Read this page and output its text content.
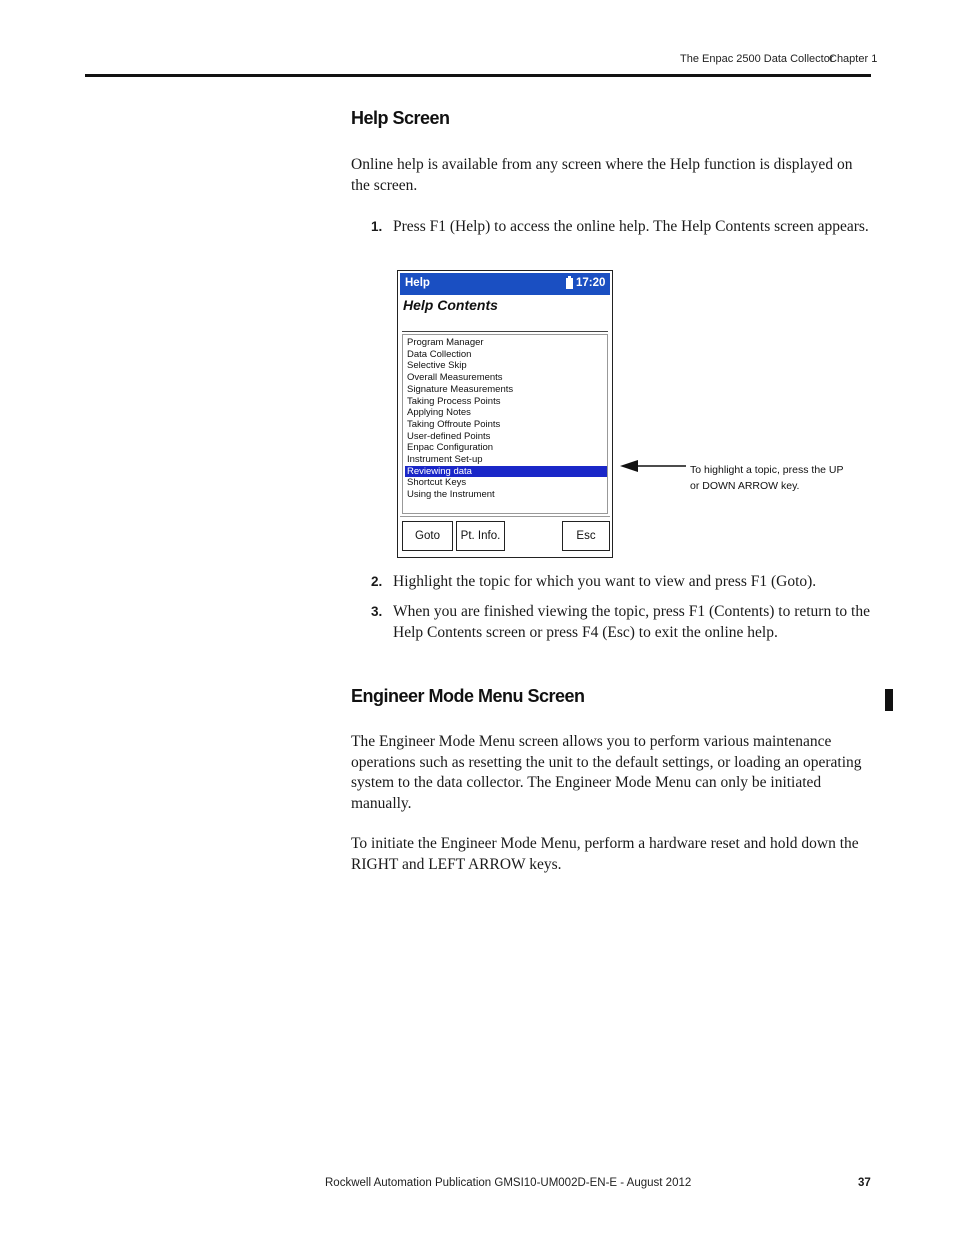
The Enpac 2500 Data Collector
Chapter 1
Help Screen

Online help is available from any screen where the Help function is displayed on the screen.

1. Press F1 (Help) to access the online help. The Help Contents screen appears.
Help	17:20
Help Contents
Program Manager
Data Collection
Selective Skip
Overall Measurements
Signature Measurements
Taking Process Points
Applying Notes
Taking Offroute Points
User-defined Points
Enpac Configuration
Instrument Set-up
Reviewing data
Shortcut Keys
Using the Instrument
Goto	Pt. Info.	Esc
To highlight a topic, press the UP or DOWN ARROW key.
2. Highlight the topic for which you want to view and press F1 (Goto).
3. When you are finished viewing the topic, press F1 (Contents) to return to the Help Contents screen or press F4 (Esc) to exit the online help.
Engineer Mode Menu Screen

The Engineer Mode Menu screen allows you to perform various maintenance operations such as resetting the unit to the default settings, or loading an operating system to the data collector. The Engineer Mode Menu can only be initiated manually.

To initiate the Engineer Mode Menu, perform a hardware reset and hold down the RIGHT and LEFT ARROW keys.

Rockwell Automation Publication GMSI10-UM002D-EN-E - August 2012	37
